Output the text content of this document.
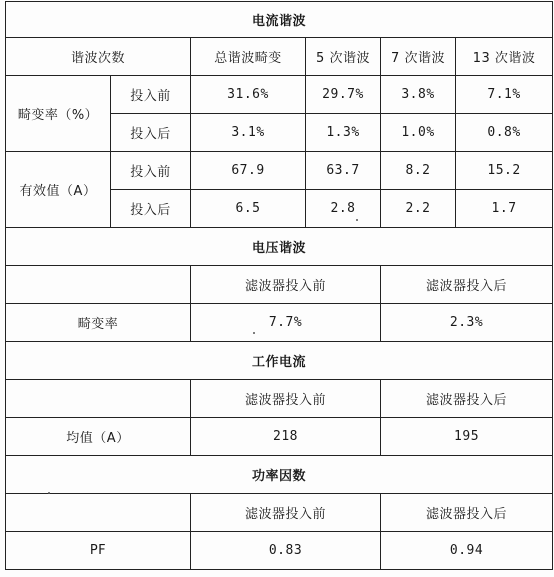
电流谐波					
谐波次数		总谐波畸变	5 次谐波	7 次谐波	13 次谐波
畸变率（%）	投入前	31.6%	29.7%	3.8%	7.1%
	投入后	3.1%	1.3%	1.0%	0.8%
有效值（A）	投入前	67.9	63.7	8.2	15.2
	投入后	6.5	2.8	2.2	1.7
电压谐波					
		滤波器投入前		滤波器投入后	
畸变率		7.7%		2.3%	
工作电流					
		滤波器投入前		滤波器投入后	
均值（A）		218		195	
功率因数					
		滤波器投入前		滤波器投入后	
PF		0.83		0.94	
